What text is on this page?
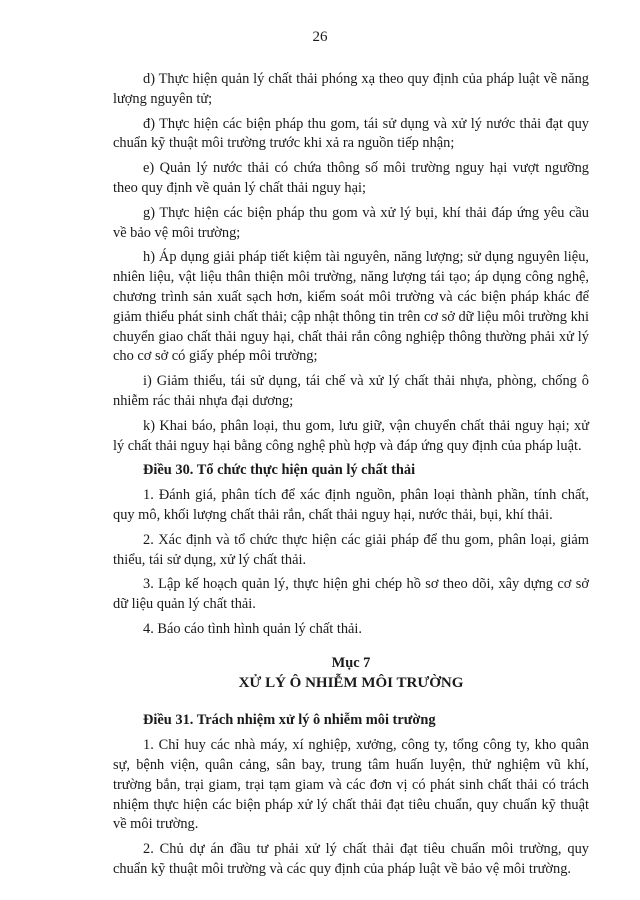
26

d) Thực hiện quản lý chất thải phóng xạ theo quy định của pháp luật về năng lượng nguyên tử;

đ) Thực hiện các biện pháp thu gom, tái sử dụng và xử lý nước thải đạt quy chuẩn kỹ thuật môi trường trước khi xả ra nguồn tiếp nhận;

e) Quản lý nước thải có chứa thông số môi trường nguy hại vượt ngưỡng theo quy định về quản lý chất thải nguy hại;

g) Thực hiện các biện pháp thu gom và xử lý bụi, khí thải đáp ứng yêu cầu về bảo vệ môi trường;

h) Áp dụng giải pháp tiết kiệm tài nguyên, năng lượng; sử dụng nguyên liệu, nhiên liệu, vật liệu thân thiện môi trường, năng lượng tái tạo; áp dụng công nghệ, chương trình sản xuất sạch hơn, kiểm soát môi trường và các biện pháp khác để giảm thiểu phát sinh chất thải; cập nhật thông tin trên cơ sở dữ liệu môi trường khi chuyển giao chất thải nguy hại, chất thải rắn công nghiệp thông thường phải xử lý cho cơ sở có giấy phép môi trường;

i) Giảm thiểu, tái sử dụng, tái chế và xử lý chất thải nhựa, phòng, chống ô nhiễm rác thải nhựa đại dương;

k) Khai báo, phân loại, thu gom, lưu giữ, vận chuyển chất thải nguy hại; xử lý chất thải nguy hại bằng công nghệ phù hợp và đáp ứng quy định của pháp luật.

Điều 30. Tổ chức thực hiện quản lý chất thải

1. Đánh giá, phân tích để xác định nguồn, phân loại thành phần, tính chất, quy mô, khối lượng chất thải rắn, chất thải nguy hại, nước thải, bụi, khí thải.

2. Xác định và tổ chức thực hiện các giải pháp để thu gom, phân loại, giảm thiểu, tái sử dụng, xử lý chất thải.

3. Lập kế hoạch quản lý, thực hiện ghi chép hồ sơ theo dõi, xây dựng cơ sở dữ liệu quản lý chất thải.

4. Báo cáo tình hình quản lý chất thải.

Mục 7

XỬ LÝ Ô NHIỄM MÔI TRƯỜNG

Điều 31. Trách nhiệm xử lý ô nhiễm môi trường

1. Chỉ huy các nhà máy, xí nghiệp, xưởng, công ty, tổng công ty, kho quân sự, bệnh viện, quân cảng, sân bay, trung tâm huấn luyện, thử nghiệm vũ khí, trường bắn, trại giam, trại tạm giam và các đơn vị có phát sinh chất thải có trách nhiệm thực hiện các biện pháp xử lý chất thải đạt tiêu chuẩn, quy chuẩn kỹ thuật về môi trường.

2. Chủ dự án đầu tư phải xử lý chất thải đạt tiêu chuẩn môi trường, quy chuẩn kỹ thuật môi trường và các quy định của pháp luật về bảo vệ môi trường.
